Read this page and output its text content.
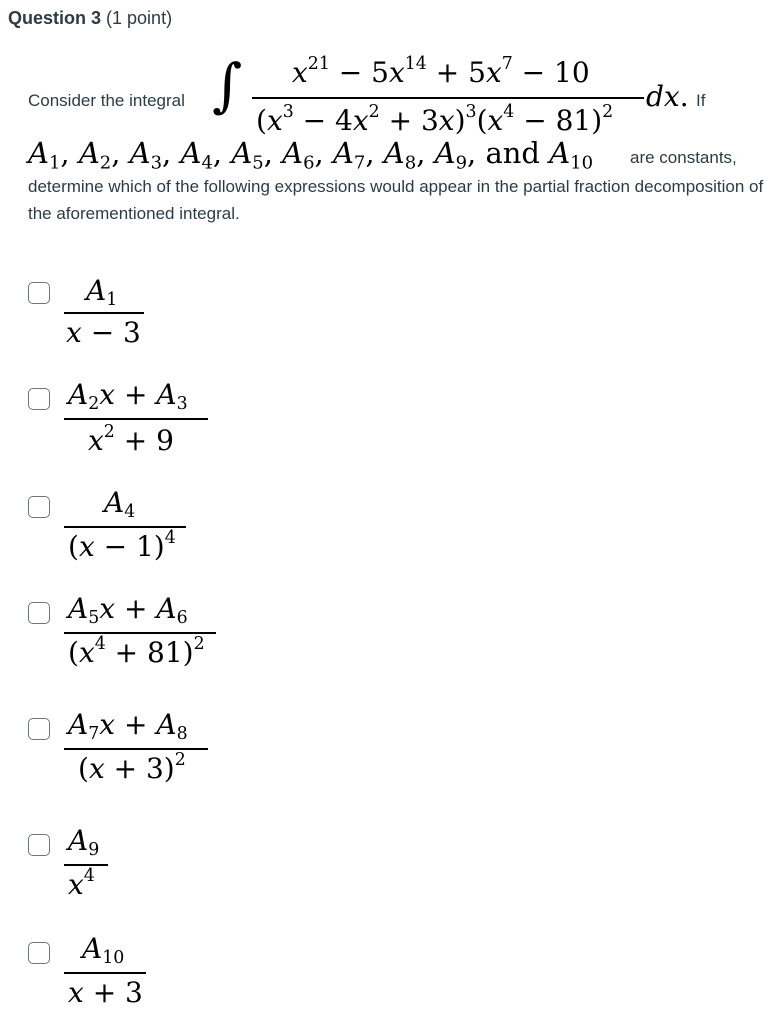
Question 3 (1 point)
Consider the integral ∫ $x^{21} - 5x^{14} + 5x^7 - 10$
$(x^3 - 4x^2 + 3x)^3(x^4 - 81)^2$ dx. If
$A_1$, $A_2$, $A_3$, $A_4$, $A_5$, $A_6$, $A_7$, $A_8$, $A_9$, and $A_{10}$ are constants,
determine which of the following expressions would appear in the partial fraction decomposition of the aforementioned integral.
$A_1$
x − 3
$A_2x + A_3$
$x^2 + 9$
$A_4$
$(x - 1)^4$
$A_5x + A_6$
$(x^4 + 81)^2$
$A_7x + A_8$
$(x + 3)^2$
$A_9$
$x^4$
$A_{10}$
x + 3
